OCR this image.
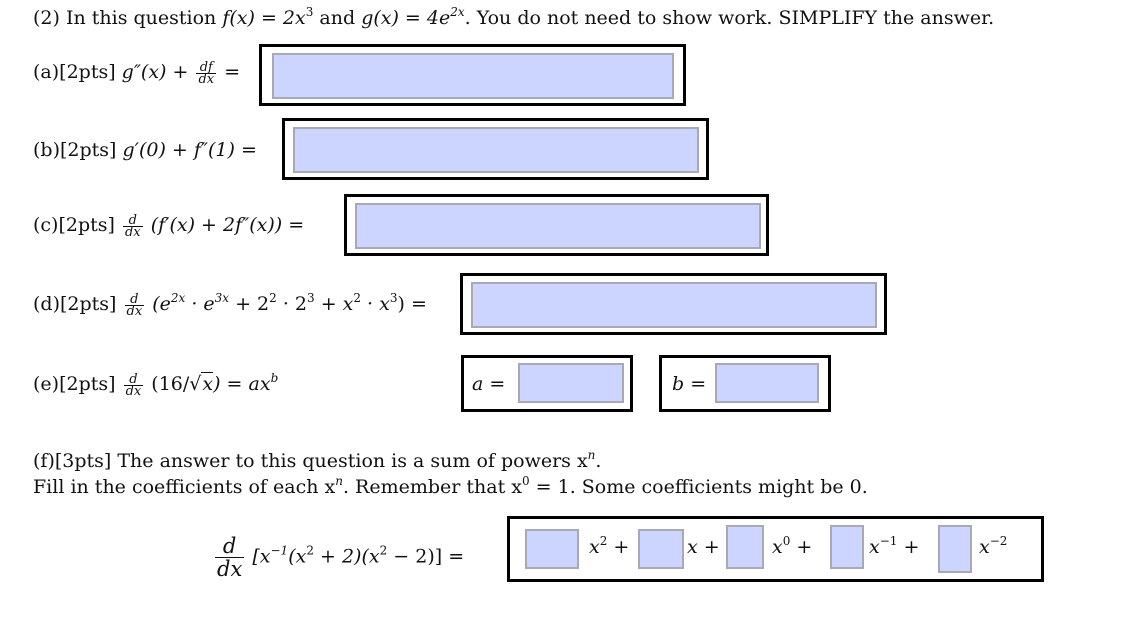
(2) In this question $f(x) = 2x^3$ and $g(x) = 4e^{2x}$. You do not need to show work. SIMPLIFY the answer.
(a)[2pts] $g''(x) + \frac{df}{dx}$ =
(b)[2pts] g′(0) + f″(1) =
$(c)[2pts] \frac{d}{dx} (f'(x) + 2f''(x))$ =
$(d)[2pts] \frac{d}{dx} (e^{2x} \cdot e^{3x} + 2^2 \cdot 2^3 + x^2 \cdot x^3)$ =
$(e)[2pts] \frac{d}{dx} (16/√x) = ax^b$	a =	b =
(f)[3pts] The answer to this question is a sum of powers $x^n$.
Fill in the coefficients of each $x^n$. Remember that $x^0 = 1$. Some coefficients might be 0.
$\frac{d}{dx} [x^{-1}(x^2 + 2)(x^2 - 2)]$ =	$x^2$ +	x +	$x^0$ +	$x^{-1}$ +	$x^{-2}$
